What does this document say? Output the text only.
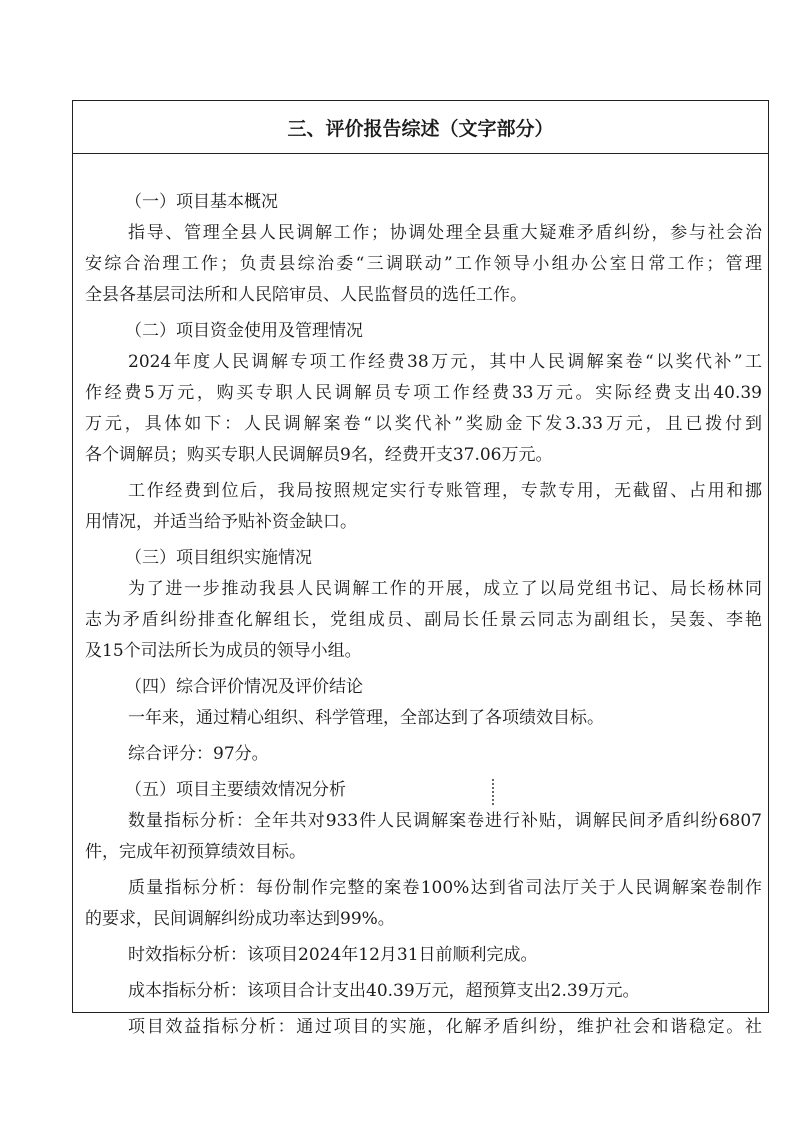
三、评价报告综述（文字部分）
（一）项目基本概况
指导、管理全县人民调解工作；协调处理全县重大疑难矛盾纠纷，参与社会治
安综合治理工作；负责县综治委“三调联动”工作领导小组办公室日常工作；管理
全县各基层司法所和人民陪审员、人民监督员的选任工作。
（二）项目资金使用及管理情况
2024年度人民调解专项工作经费38万元，其中人民调解案卷“以奖代补”工
作经费5万元，购买专职人民调解员专项工作经费33万元。实际经费支出40.39
万元，具体如下：人民调解案卷“以奖代补”奖励金下发3.33万元，且已拨付到
各个调解员；购买专职人民调解员9名，经费开支37.06万元。
工作经费到位后，我局按照规定实行专账管理，专款专用，无截留、占用和挪
用情况，并适当给予贴补资金缺口。
（三）项目组织实施情况
为了进一步推动我县人民调解工作的开展，成立了以局党组书记、局长杨林同
志为矛盾纠纷排查化解组长，党组成员、副局长任景云同志为副组长，吴轰、李艳
及15个司法所长为成员的领导小组。
（四）综合评价情况及评价结论
一年来，通过精心组织、科学管理，全部达到了各项绩效目标。
综合评分：97分。
（五）项目主要绩效情况分析
数量指标分析：全年共对933件人民调解案卷进行补贴，调解民间矛盾纠纷6807
件，完成年初预算绩效目标。
质量指标分析：每份制作完整的案卷100%达到省司法厅关于人民调解案卷制作
的要求，民间调解纠纷成功率达到99%。
时效指标分析：该项目2024年12月31日前顺利完成。
成本指标分析：该项目合计支出40.39万元，超预算支出2.39万元。
项目效益指标分析：通过项目的实施，化解矛盾纠纷，维护社会和谐稳定。社
